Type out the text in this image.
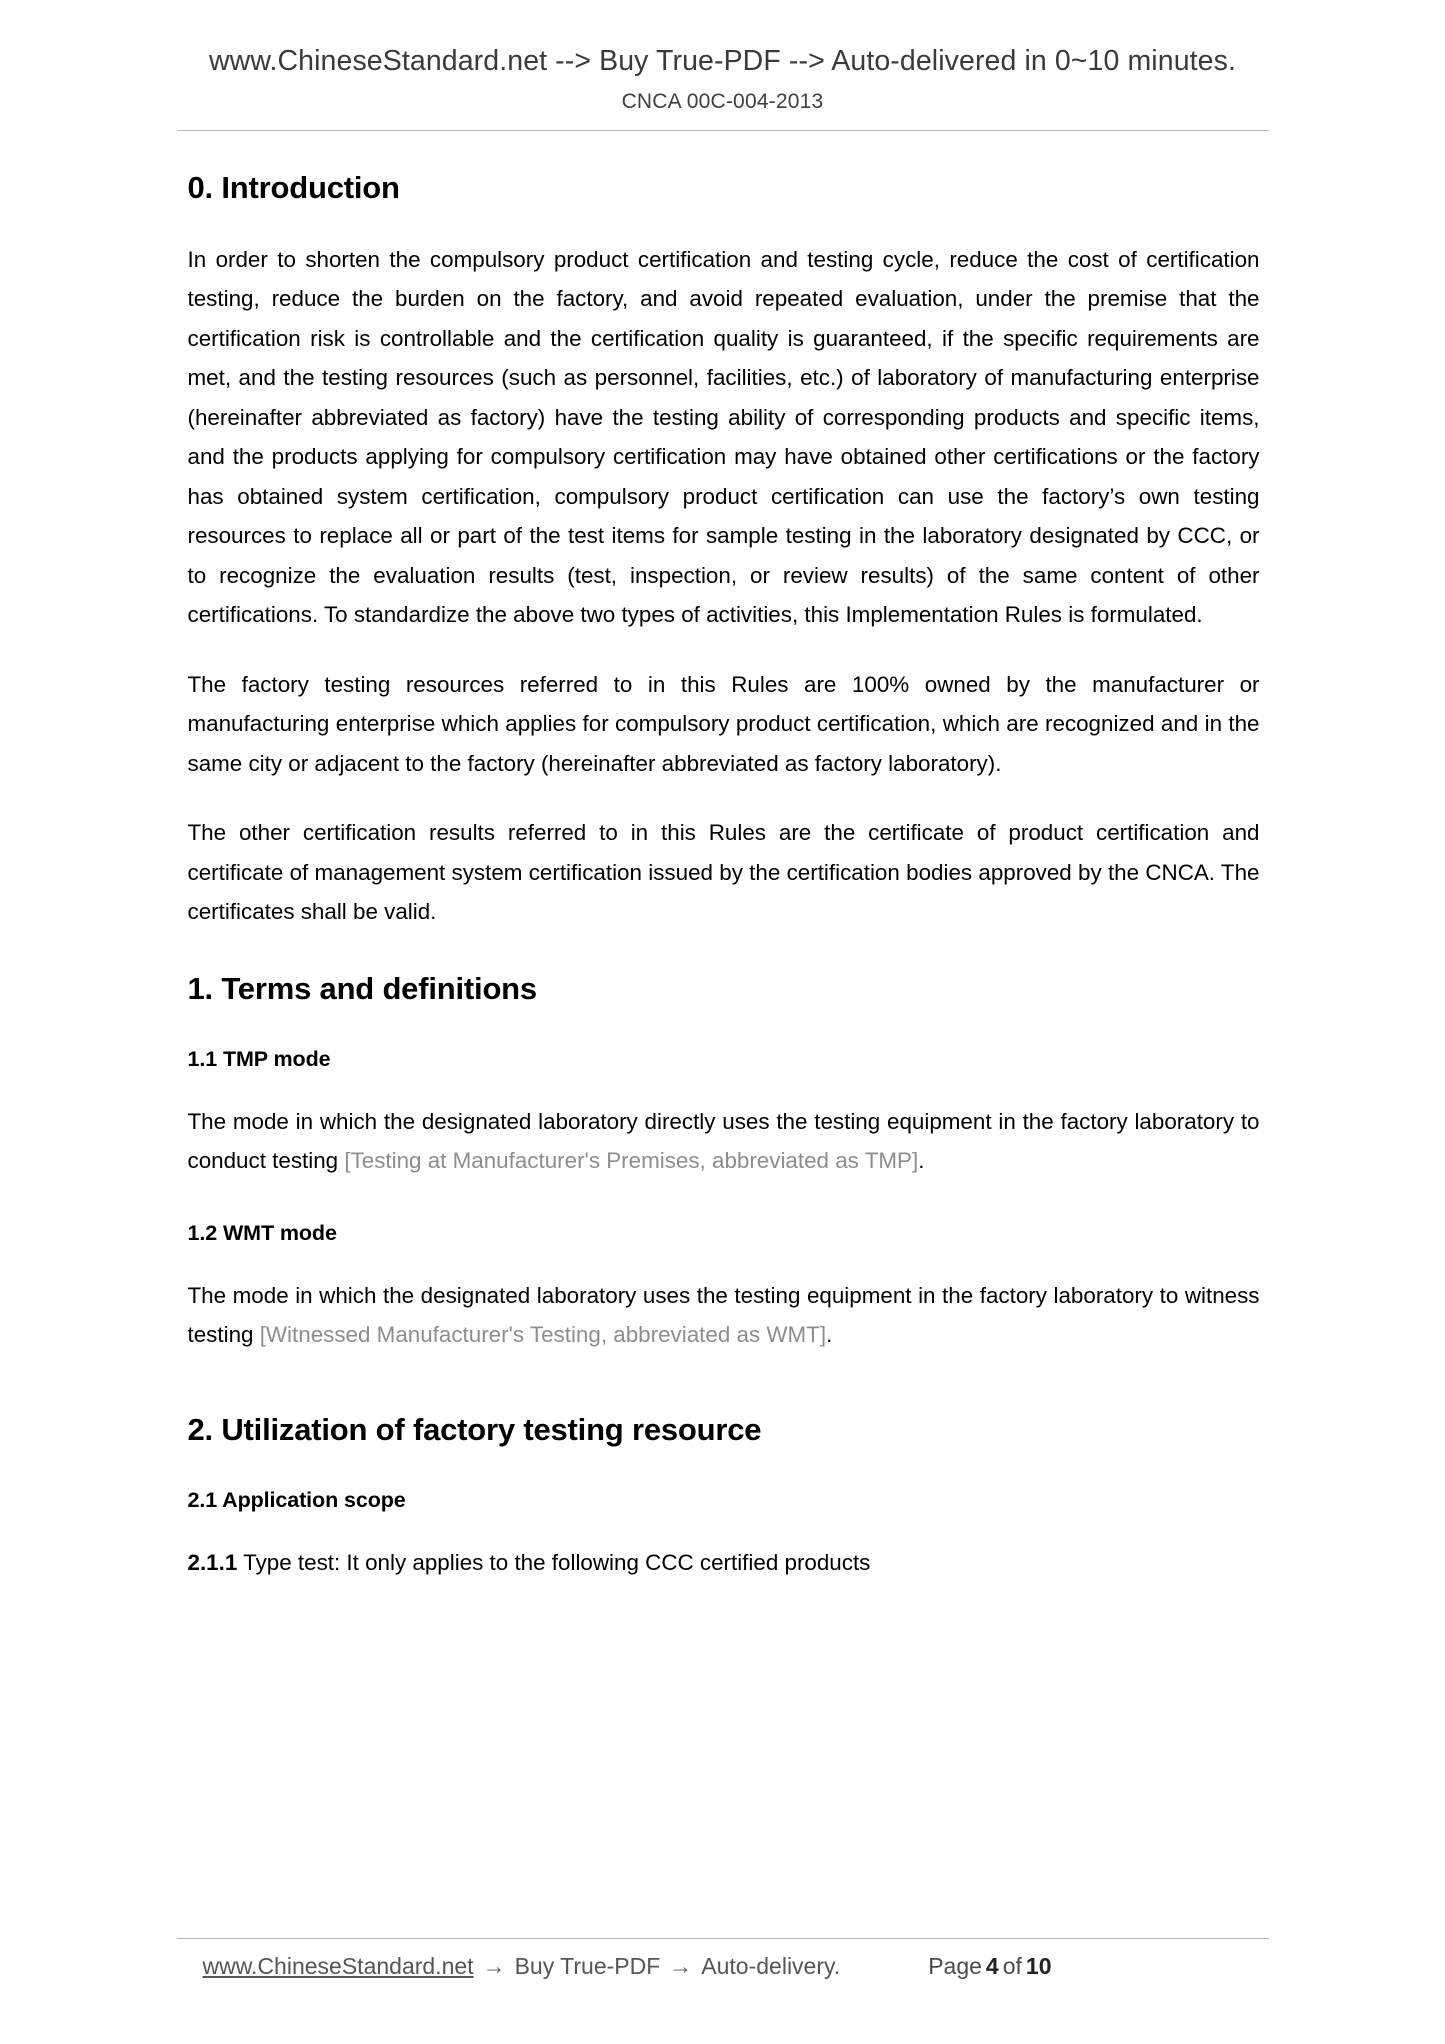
www.ChineseStandard.net --> Buy True-PDF --> Auto-delivered in 0~10 minutes.
CNCA 00C-004-2013
0. Introduction

In order to shorten the compulsory product certification and testing cycle, reduce the cost of certification testing, reduce the burden on the factory, and avoid repeated evaluation, under the premise that the certification risk is controllable and the certification quality is guaranteed, if the specific requirements are met, and the testing resources (such as personnel, facilities, etc.) of laboratory of manufacturing enterprise (hereinafter abbreviated as factory) have the testing ability of corresponding products and specific items, and the products applying for compulsory certification may have obtained other certifications or the factory has obtained system certification, compulsory product certification can use the factory’s own testing resources to replace all or part of the test items for sample testing in the laboratory designated by CCC, or to recognize the evaluation results (test, inspection, or review results) of the same content of other certifications. To standardize the above two types of activities, this Implementation Rules is formulated.

The factory testing resources referred to in this Rules are 100% owned by the manufacturer or manufacturing enterprise which applies for compulsory product certification, which are recognized and in the same city or adjacent to the factory (hereinafter abbreviated as factory laboratory).

The other certification results referred to in this Rules are the certificate of product certification and certificate of management system certification issued by the certification bodies approved by the CNCA. The certificates shall be valid.

1. Terms and definitions
1.1 TMP mode

The mode in which the designated laboratory directly uses the testing equipment in the factory laboratory to conduct testing [Testing at Manufacturer's Premises, abbreviated as TMP].

1.2 WMT mode

The mode in which the designated laboratory uses the testing equipment in the factory laboratory to witness testing [Witnessed Manufacturer's Testing, abbreviated as WMT].

2. Utilization of factory testing resource
2.1 Application scope

2.1.1 Type test: It only applies to the following CCC certified products

www.ChineseStandard.net → Buy True-PDF → Auto-delivery.	Page 4 of 10
